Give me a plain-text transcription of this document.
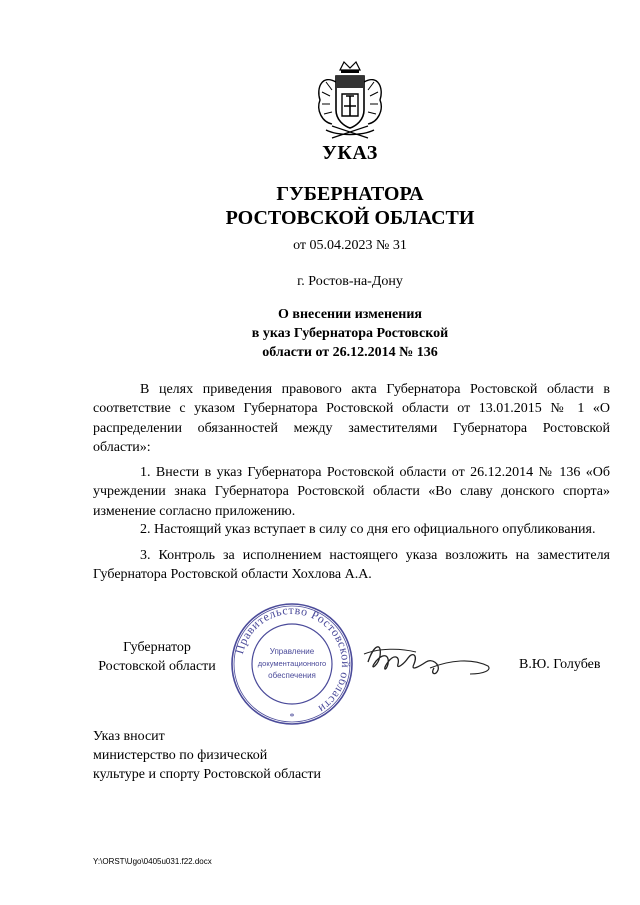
УКАЗ
ГУБЕРНАТОРА
РОСТОВСКОЙ ОБЛАСТИ
от 05.04.2023 № 31
г. Ростов-на-Дону
О внесении изменения
в указ Губернатора Ростовской
области от 26.12.2014 № 136

В целях приведения правового акта Губернатора Ростовской области в соответствие с указом Губернатора Ростовской области от 13.01.2015 № 1 «О распределении обязанностей между заместителями Губернатора Ростовской области»:

1. Внести в указ Губернатора Ростовской области от 26.12.2014 № 136 «Об учреждении знака Губернатора Ростовской области «Во славу донского спорта» изменение согласно приложению.

2. Настоящий указ вступает в силу со дня его официального опубликования.

3. Контроль за исполнением настоящего указа возложить на заместителя Губернатора Ростовской области Хохлова А.А.

Губернатор
Ростовской области
Правительство Ростовской области
Управление
документационного
обеспечения
*
В.Ю. Голубев
Указ вносит
министерство по физической
культуре и спорту Ростовской области
Y:\ORST\Ugo\0405u031.f22.docx
